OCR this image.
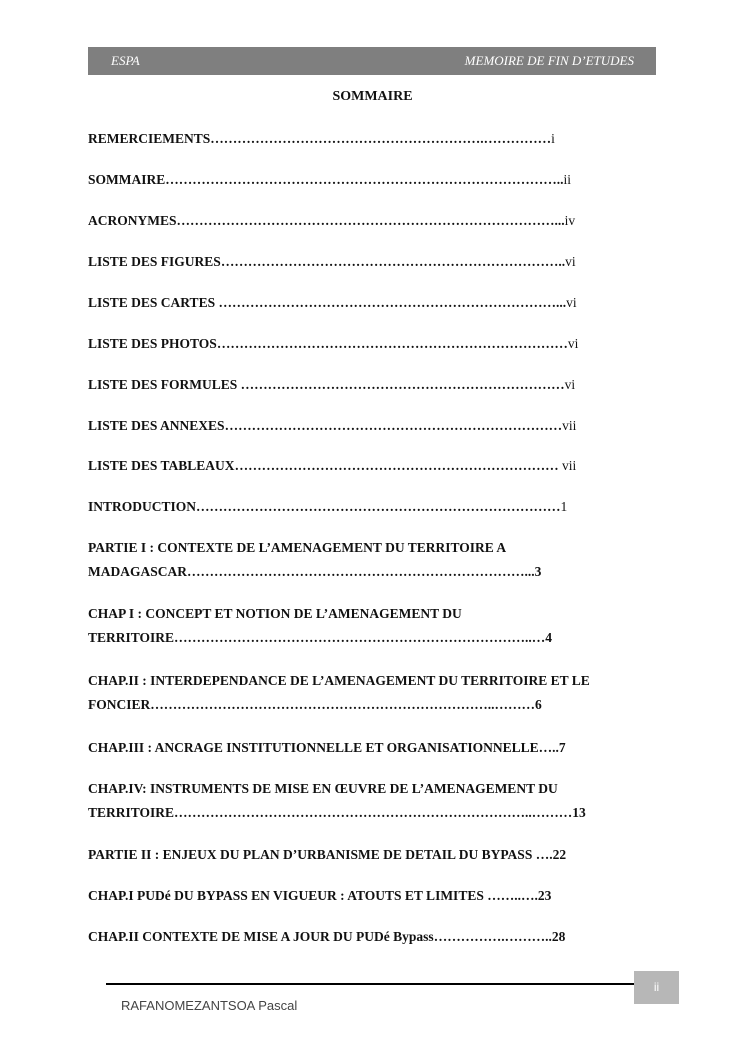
ESPA	MEMOIRE DE FIN D’ETUDES
SOMMAIRE
REMERCIEMENTS…………………………………………………….……………i
SOMMAIRE……………………………………………………………………………..ii
ACRONYMES…………………………………………………………………………...iv
LISTE DES FIGURES…………………………………………………………………..vi
LISTE DES CARTES …………………………………………………………………...vi
LISTE DES PHOTOS……………………………………………………………………vi
LISTE DES FORMULES ………………………………………………………………vi
LISTE DES ANNEXES…………………………………………………………………vii
LISTE DES TABLEAUX……………………………………………………………… vii
INTRODUCTION………………………………………………………………………1
PARTIE I : CONTEXTE DE L’AMENAGEMENT DU TERRITOIRE A
MADAGASCAR…………………………………………………………………...3
CHAP I : CONCEPT ET NOTION DE L’AMENAGEMENT DU
TERRITOIRE……………………………………………………………………..…4
CHAP.II : INTERDEPENDANCE DE L’AMENAGEMENT DU TERRITOIRE ET LE
FONCIER…………………………………………………………………..………6
CHAP.III : ANCRAGE INSTITUTIONNELLE ET ORGANISATIONNELLE…..7
CHAP.IV: INSTRUMENTS DE MISE EN ŒUVRE DE L’AMENAGEMENT DU
TERRITOIRE……………………………………………………………………..………13
PARTIE II : ENJEUX DU PLAN D’URBANISME DE DETAIL DU BYPASS ….22
CHAP.I PUDé DU BYPASS EN VIGUEUR : ATOUTS ET LIMITES ……..….23
CHAP.II CONTEXTE DE MISE A JOUR DU PUDé Bypass…………….………..28
ii
RAFANOMEZANTSOA Pascal
